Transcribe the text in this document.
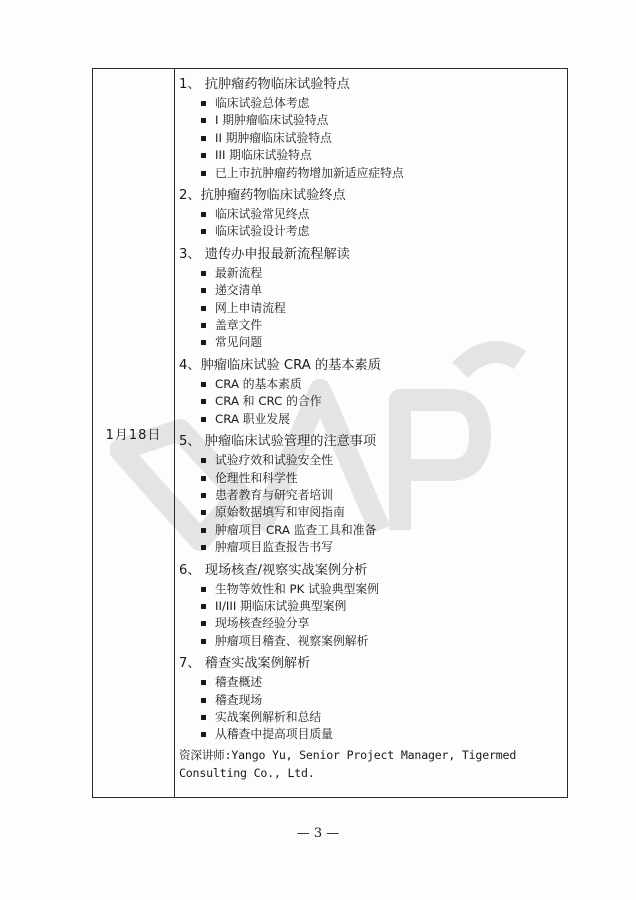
1月18日
1、 抗肿瘤药物临床试验特点
临床试验总体考虑
I 期肿瘤临床试验特点
II 期肿瘤临床试验特点
III 期临床试验特点
已上市抗肿瘤药物增加新适应症特点
2、抗肿瘤药物临床试验终点
临床试验常见终点
临床试验设计考虑
3、 遗传办申报最新流程解读
最新流程
递交清单
网上申请流程
盖章文件
常见问题
4、肿瘤临床试验 CRA 的基本素质
CRA 的基本素质
CRA 和 CRC 的合作
CRA 职业发展
5、 肿瘤临床试验管理的注意事项
试验疗效和试验安全性
伦理性和科学性
患者教育与研究者培训
原始数据填写和审阅指南
肿瘤项目 CRA 监查工具和准备
肿瘤项目监查报告书写
6、 现场核查/视察实战案例分析
生物等效性和 PK 试验典型案例
II/III 期临床试验典型案例
现场核查经验分享
肿瘤项目稽查、视察案例解析
7、 稽查实战案例解析
稽查概述
稽查现场
实战案例解析和总结
从稽查中提高项目质量
资深讲师:Yango Yu, Senior Project Manager, Tigermed Consulting Co., Ltd.
— 3 —
